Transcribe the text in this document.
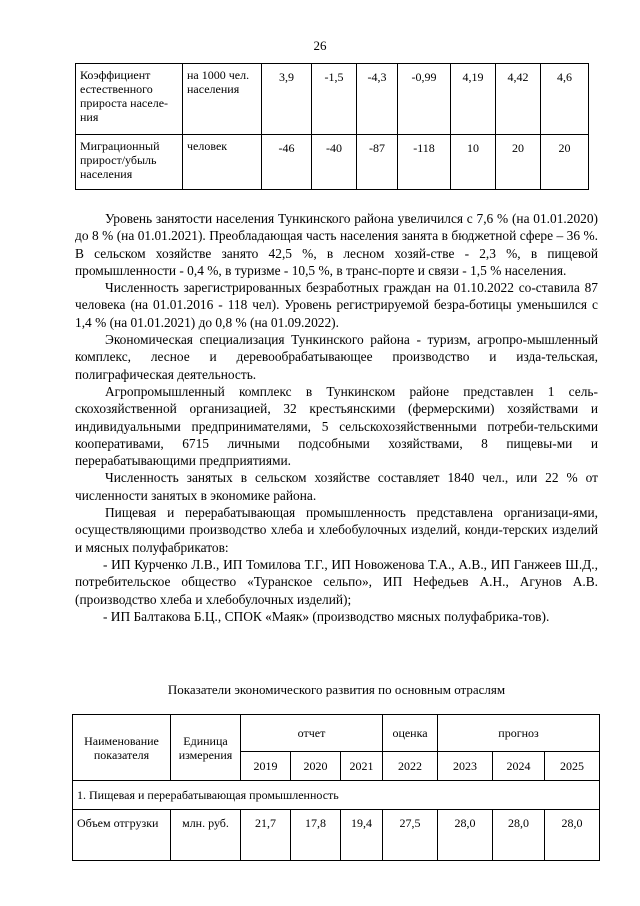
26
Коэффициент естественного прироста населе-ния	на 1000 чел. населения	3,9	-1,5	-4,3	-0,99	4,19	4,42	4,6
Миграционный прирост/убыль населения	человек	-46	-40	-87	-118	10	20	20

Уровень занятости населения Тункинского района увеличился с 7,6 % (на 01.01.2020) до 8 % (на 01.01.2021). Преобладающая часть населения занята в бюджетной сфере – 36 %. В сельском хозяйстве занято 42,5 %, в лесном хозяй-стве - 2,3 %, в пищевой промышленности - 0,4 %, в туризме - 10,5 %, в транс-порте и связи - 1,5 % населения.

Численность зарегистрированных безработных граждан на 01.10.2022 со-ставила 87 человека (на 01.01.2016 - 118 чел). Уровень регистрируемой безра-ботицы уменьшился с 1,4 % (на 01.01.2021) до 0,8 % (на 01.09.2022).

Экономическая специализация Тункинского района - туризм, агропро-мышленный комплекс, лесное и деревообрабатывающее производство и изда-тельская, полиграфическая деятельность.

Агропромышленный комплекс в Тункинском районе представлен 1 сель-скохозяйственной организацией, 32 крестьянскими (фермерскими) хозяйствами и индивидуальными предпринимателями, 5 сельскохозяйственными потреби-тельскими кооперативами, 6715 личными подсобными хозяйствами, 8 пищевы-ми и перерабатывающими предприятиями.

Численность занятых в сельском хозяйстве составляет 1840 чел., или 22 % от численности занятых в экономике района.

Пищевая и перерабатывающая промышленность представлена организаци-ями, осуществляющими производство хлеба и хлебобулочных изделий, конди-терских изделий и мясных полуфабрикатов:

- ИП Курченко Л.В., ИП Томилова Т.Г., ИП Новоженова Т.А., А.В., ИП Ганжеев Ш.Д., потребительское общество «Туранское сельпо», ИП Нефедьев А.Н., Агунов А.В. (производство хлеба и хлебобулочных изделий);

- ИП Балтакова Б.Ц., СПОК «Маяк» (производство мясных полуфабрика-тов).

Показатели экономического развития по основным отраслям
Наименование показателя	Единица измерения	отчет			оценка	прогноз		
		2019	2020	2021	2022	2023	2024	2025
1. Пищевая и перерабатывающая промышленность								
Объем отгрузки	млн. руб.	21,7	17,8	19,4	27,5	28,0	28,0	28,0
